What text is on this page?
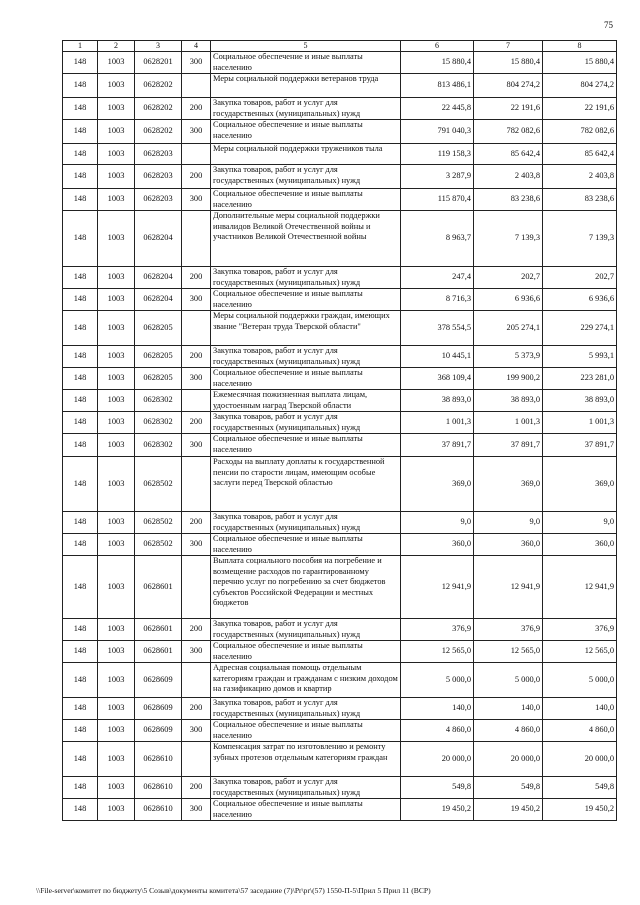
75
1	2	3	4	5	6	7	8
148	1003	0628201	300	Социальное обеспечение и иные выплаты населению	15 880,4	15 880,4	15 880,4
148	1003	0628202		Меры социальной поддержки ветеранов труда	813 486,1	804 274,2	804 274,2
148	1003	0628202	200	Закупка товаров, работ и услуг для государственных (муниципальных) нужд	22 445,8	22 191,6	22 191,6
148	1003	0628202	300	Социальное обеспечение и иные выплаты населению	791 040,3	782 082,6	782 082,6
148	1003	0628203		Меры социальной поддержки тружеников тыла	119 158,3	85 642,4	85 642,4
148	1003	0628203	200	Закупка товаров, работ и услуг для государственных (муниципальных) нужд	3 287,9	2 403,8	2 403,8
148	1003	0628203	300	Социальное обеспечение и иные выплаты населению	115 870,4	83 238,6	83 238,6
148	1003	0628204		Дополнительные меры социальной поддержки инвалидов Великой Отечественной войны и участников Великой Отечественной войны	8 963,7	7 139,3	7 139,3
148	1003	0628204	200	Закупка товаров, работ и услуг для государственных (муниципальных) нужд	247,4	202,7	202,7
148	1003	0628204	300	Социальное обеспечение и иные выплаты населению	8 716,3	6 936,6	6 936,6
148	1003	0628205		Меры социальной поддержки граждан, имеющих звание "Ветеран труда Тверской области"	378 554,5	205 274,1	229 274,1
148	1003	0628205	200	Закупка товаров, работ и услуг для государственных (муниципальных) нужд	10 445,1	5 373,9	5 993,1
148	1003	0628205	300	Социальное обеспечение и иные выплаты населению	368 109,4	199 900,2	223 281,0
148	1003	0628302		Ежемесячная пожизненная выплата лицам, удостоенным наград Тверской области	38 893,0	38 893,0	38 893,0
148	1003	0628302	200	Закупка товаров, работ и услуг для государственных (муниципальных) нужд	1 001,3	1 001,3	1 001,3
148	1003	0628302	300	Социальное обеспечение и иные выплаты населению	37 891,7	37 891,7	37 891,7
148	1003	0628502		Расходы на выплату доплаты к государственной пенсии по старости лицам, имеющим особые заслуги перед Тверской областью	369,0	369,0	369,0
148	1003	0628502	200	Закупка товаров, работ и услуг для государственных (муниципальных) нужд	9,0	9,0	9,0
148	1003	0628502	300	Социальное обеспечение и иные выплаты населению	360,0	360,0	360,0
148	1003	0628601		Выплата социального пособия на погребение и возмещение расходов по гарантированному перечню услуг по погребению за счет бюджетов субъектов Российской Федерации и местных бюджетов	12 941,9	12 941,9	12 941,9
148	1003	0628601	200	Закупка товаров, работ и услуг для государственных (муниципальных) нужд	376,9	376,9	376,9
148	1003	0628601	300	Социальное обеспечение и иные выплаты населению	12 565,0	12 565,0	12 565,0
148	1003	0628609		Адресная социальная помощь отдельным категориям граждан и гражданам с низким доходом на газификацию домов и квартир	5 000,0	5 000,0	5 000,0
148	1003	0628609	200	Закупка товаров, работ и услуг для государственных (муниципальных) нужд	140,0	140,0	140,0
148	1003	0628609	300	Социальное обеспечение и иные выплаты населению	4 860,0	4 860,0	4 860,0
148	1003	0628610		Компенсация затрат по изготовлению и ремонту зубных протезов отдельным категориям граждан	20 000,0	20 000,0	20 000,0
148	1003	0628610	200	Закупка товаров, работ и услуг для государственных (муниципальных) нужд	549,8	549,8	549,8
148	1003	0628610	300	Социальное обеспечение и иные выплаты населению	19 450,2	19 450,2	19 450,2
\\File-server\комитет по бюджету\5 Созыв\документы комитета\57 заседание (7)\Pr\pr\(57) 1550-П-5\Прил 5 Прил 11 (ВСР)
